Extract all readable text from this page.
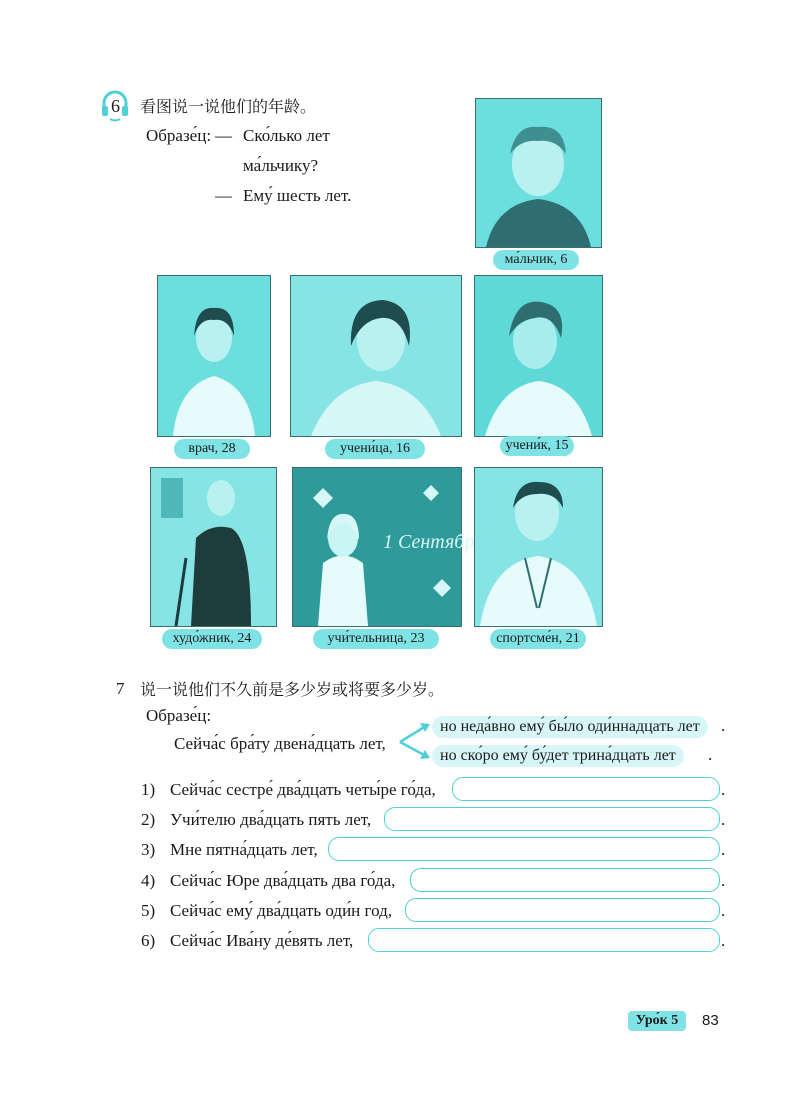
6 看图说一说他们的年龄。
Образе́ц: — Ско́лько лет
ма́льчику?
— Ему́ шесть лет.
ма́льчик, 6
врач, 28	учени́ца, 16	учени́к, 15
худо́жник, 24
1 Сентябр
учи́тельница, 23	спортсме́н, 21
7 说一说他们不久前是多少岁或将要多少岁。
Образе́ц:
Сейча́с бра́ту двена́дцать лет,
но неда́вно ему́ бы́ло оди́ннадцать лет	.
но ско́ро ему́ бу́дет трина́дцать лет	.
1) Сейча́с сестре́ два́дцать четы́ре го́да,	.
2) Учи́телю два́дцать пять лет,	.
3) Мне пятна́дцать лет,	.
4) Сейча́с Юре два́дцать два го́да,	.
5) Сейча́с ему́ два́дцать оди́н год,	.
6) Сейча́с Ива́ну де́вять лет,	.
Уро́к 5	83
